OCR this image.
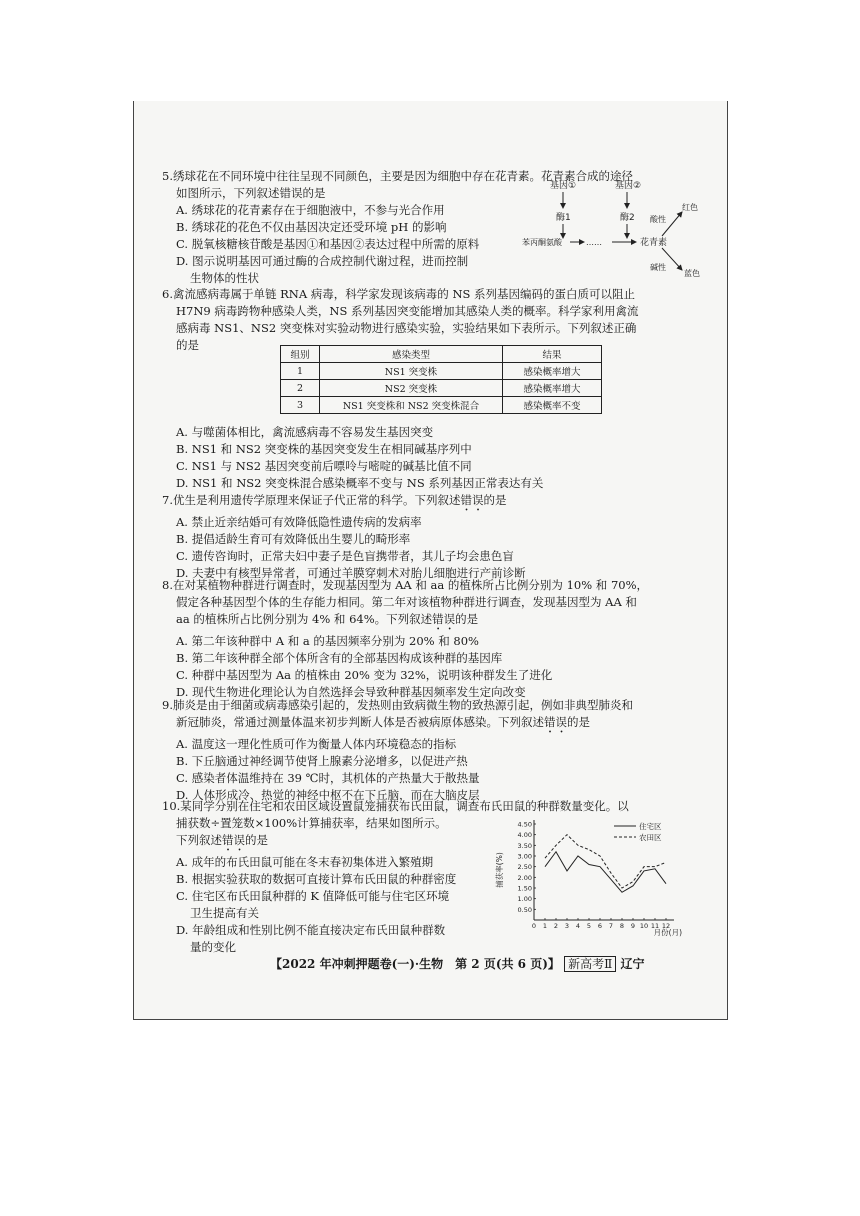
5.绣球花在不同环境中往往呈现不同颜色，主要是因为细胞中存在花青素。花青素合成的途径

如图所示，下列叙述错误的是

A. 绣球花的花青素存在于细胞液中，不参与光合作用

B. 绣球花的花色不仅由基因决定还受环境 pH 的影响

C. 脱氧核糖核苷酸是基因①和基因②表达过程中所需的原料

D. 图示说明基因可通过酶的合成控制代谢过程，进而控制

生物体的性状

基因①	基因②
酶1	酶2
苯丙酮氨酸	……	花青素
酸性
碱性
红色
蓝色

6.禽流感病毒属于单链 RNA 病毒，科学家发现该病毒的 NS 系列基因编码的蛋白质可以阻止

H7N9 病毒跨物种感染人类，NS 系列基因突变能增加其感染人类的概率。科学家利用禽流

感病毒 NS1、NS2 突变株对实验动物进行感染实验，实验结果如下表所示。下列叙述正确

的是

组别	感染类型	结果
1	NS1 突变株	感染概率增大
2	NS2 突变株	感染概率增大
3	NS1 突变株和 NS2 突变株混合	感染概率不变

A. 与噬菌体相比，禽流感病毒不容易发生基因突变

B. NS1 和 NS2 突变株的基因突变发生在相同碱基序列中

C. NS1 与 NS2 基因突变前后嘌呤与嘧啶的碱基比值不同

D. NS1 和 NS2 突变株混合感染概率不变与 NS 系列基因正常表达有关

7.优生是利用遗传学原理来保证子代正常的科学。下列叙述错误的是

A. 禁止近亲结婚可有效降低隐性遗传病的发病率

B. 提倡适龄生育可有效降低出生婴儿的畸形率

C. 遗传咨询时，正常夫妇中妻子是色盲携带者，其儿子均会患色盲

D. 夫妻中有核型异常者，可通过羊膜穿刺术对胎儿细胞进行产前诊断

8.在对某植物种群进行调查时，发现基因型为 AA 和 aa 的植株所占比例分别为 10% 和 70%，

假定各种基因型个体的生存能力相同。第二年对该植物种群进行调查，发现基因型为 AA 和

aa 的植株所占比例分别为 4% 和 64%。下列叙述错误的是

A. 第二年该种群中 A 和 a 的基因频率分别为 20% 和 80%

B. 第二年该种群全部个体所含有的全部基因构成该种群的基因库

C. 种群中基因型为 Aa 的植株由 20% 变为 32%，说明该种群发生了进化

D. 现代生物进化理论认为自然选择会导致种群基因频率发生定向改变

9.肺炎是由于细菌或病毒感染引起的，发热则由致病微生物的致热源引起，例如非典型肺炎和

新冠肺炎，常通过测量体温来初步判断人体是否被病原体感染。下列叙述错误的是

A. 温度这一理化性质可作为衡量人体内环境稳态的指标

B. 下丘脑通过神经调节使肾上腺素分泌增多，以促进产热

C. 感染者体温维持在 39 ℃时，其机体的产热量大于散热量

D. 人体形成冷、热觉的神经中枢不在下丘脑，而在大脑皮层

10.某同学分别在住宅和农田区域设置鼠笼捕获布氏田鼠，调查布氏田鼠的种群数量变化。以

捕获数÷置笼数×100%计算捕获率，结果如图所示。

下列叙述错误的是

A. 成年的布氏田鼠可能在冬末春初集体进入繁殖期

B. 根据实验获取的数据可直接计算布氏田鼠的种群密度

C. 住宅区布氏田鼠种群的 K 值降低可能与住宅区环境

卫生提高有关

D. 年龄组成和性别比例不能直接决定布氏田鼠种群数

量的变化

捕获率(%)
0.50
1.00
1.50
2.00
2.50
3.00
3.50
4.00
4.50
0 1 2 3 4 5 6 7 8 9 10 11 12
住宅区
农田区
月份(月)
【2022 年冲刺押题卷(一)·生物　第 2 页(共 6 页)】 新高考Ⅱ 辽宁
